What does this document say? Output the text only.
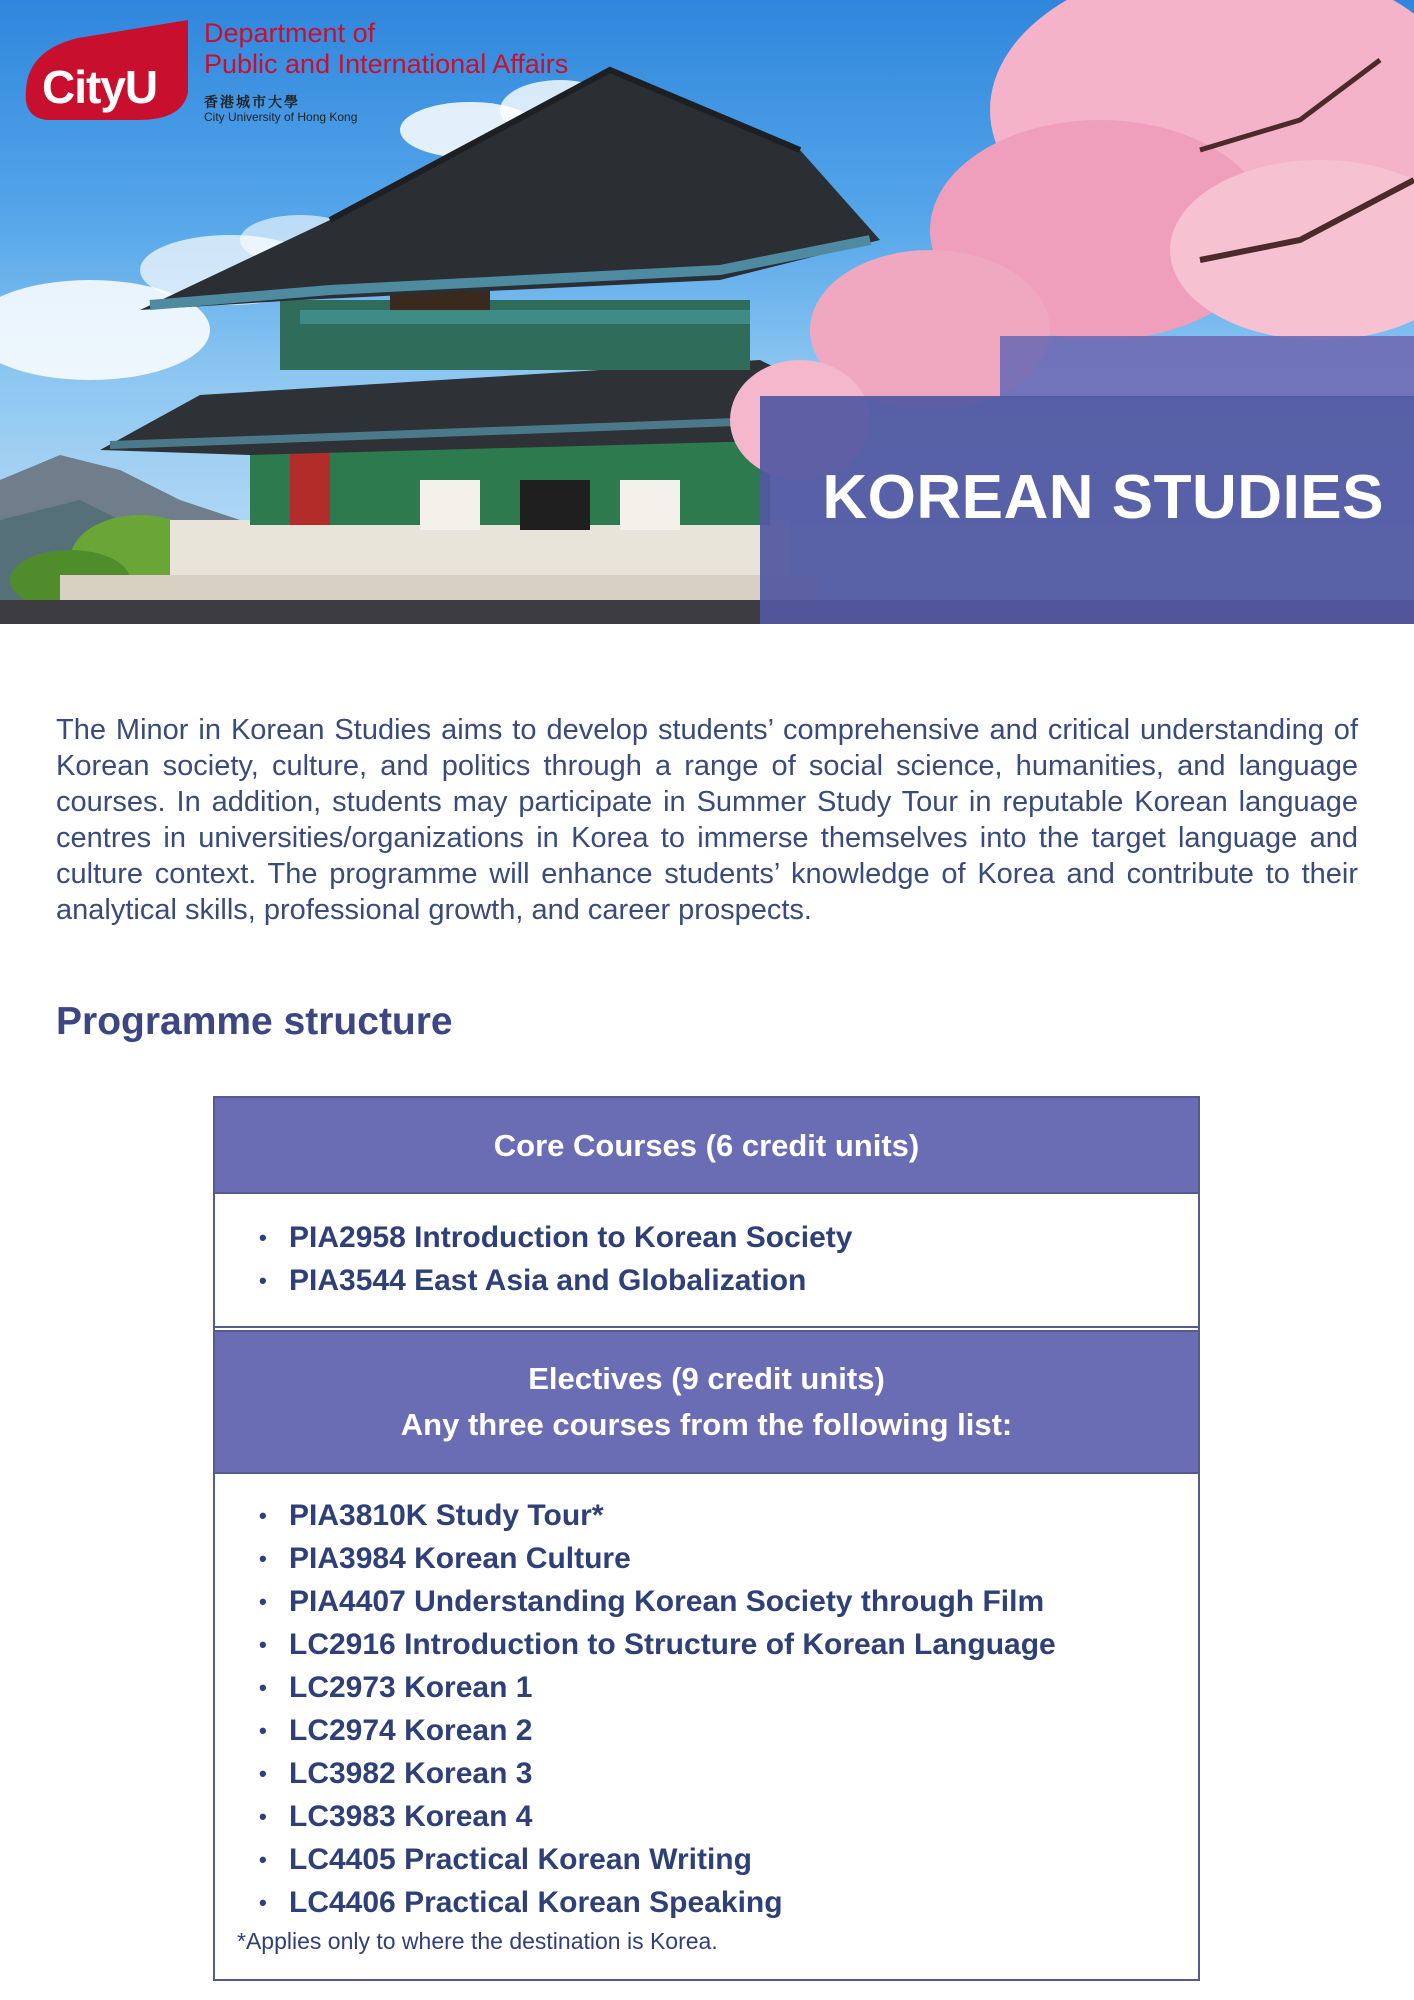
CityU
Department of
Public and International Affairs
香港城市大學
City University of Hong Kong
KOREAN STUDIES

The Minor in Korean Studies aims to develop students’ comprehensive and critical understanding of Korean society, culture, and politics through a range of social science, humanities, and language courses. In addition, students may participate in Summer Study Tour in reputable Korean language centres in universities/organizations in Korea to immerse themselves into the target language and culture context. The programme will enhance students’ knowledge of Korea and contribute to their analytical skills, professional growth, and career prospects.

Programme structure
Core Courses (6 credit units)
• PIA2958 Introduction to Korean Society
• PIA3544 East Asia and Globalization
Electives (9 credit units)
Any three courses from the following list:
• PIA3810K Study Tour*
• PIA3984 Korean Culture
• PIA4407 Understanding Korean Society through Film
• LC2916 Introduction to Structure of Korean Language
• LC2973 Korean 1
• LC2974 Korean 2
• LC3982 Korean 3
• LC3983 Korean 4
• LC4405 Practical Korean Writing
• LC4406 Practical Korean Speaking
*Applies only to where the destination is Korea.
